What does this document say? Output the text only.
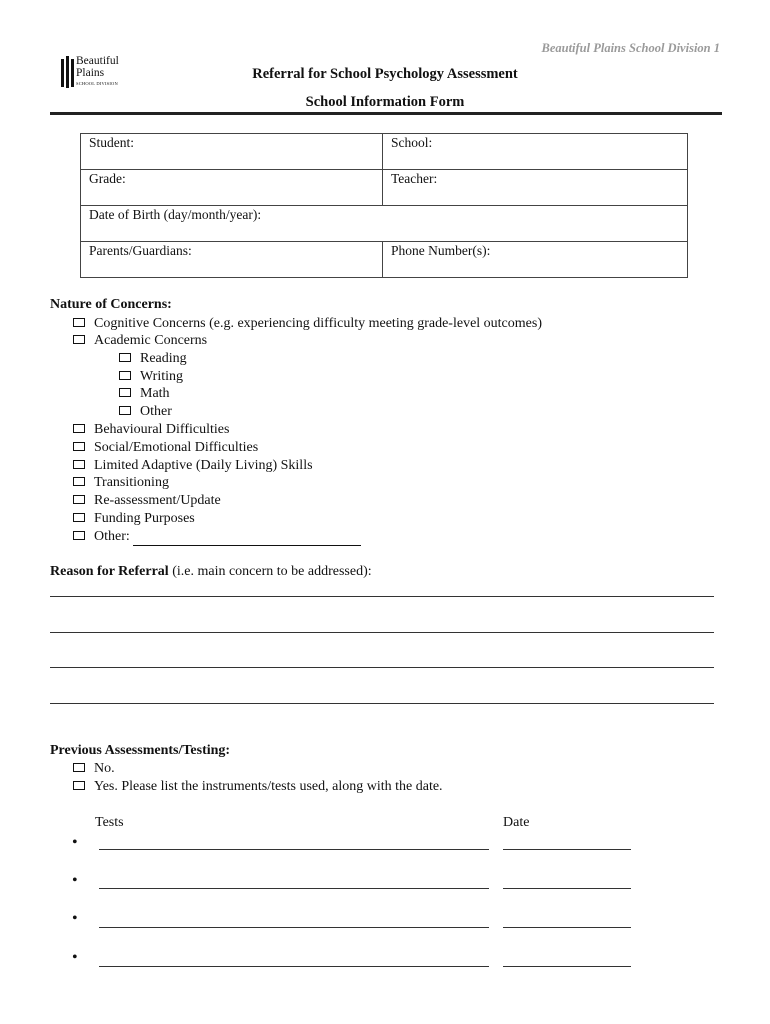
Beautiful Plains School Division 1
Beautiful
Plains
SCHOOL DIVISION
Referral for School Psychology Assessment
School Information Form
Student:	School:
Grade:	Teacher:
Date of Birth (day/month/year):	
Parents/Guardians:	Phone Number(s):
Nature of Concerns:
Cognitive Concerns (e.g. experiencing difficulty meeting grade-level outcomes)
Academic Concerns
Reading
Writing
Math
Other
Behavioural Difficulties
Social/Emotional Difficulties
Limited Adaptive (Daily Living) Skills
Transitioning
Re-assessment/Update
Funding Purposes
Other:
Reason for Referral (i.e. main concern to be addressed):
Previous Assessments/Testing:
No.
Yes. Please list the instruments/tests used, along with the date.
Tests	Date
•
•
•
•
